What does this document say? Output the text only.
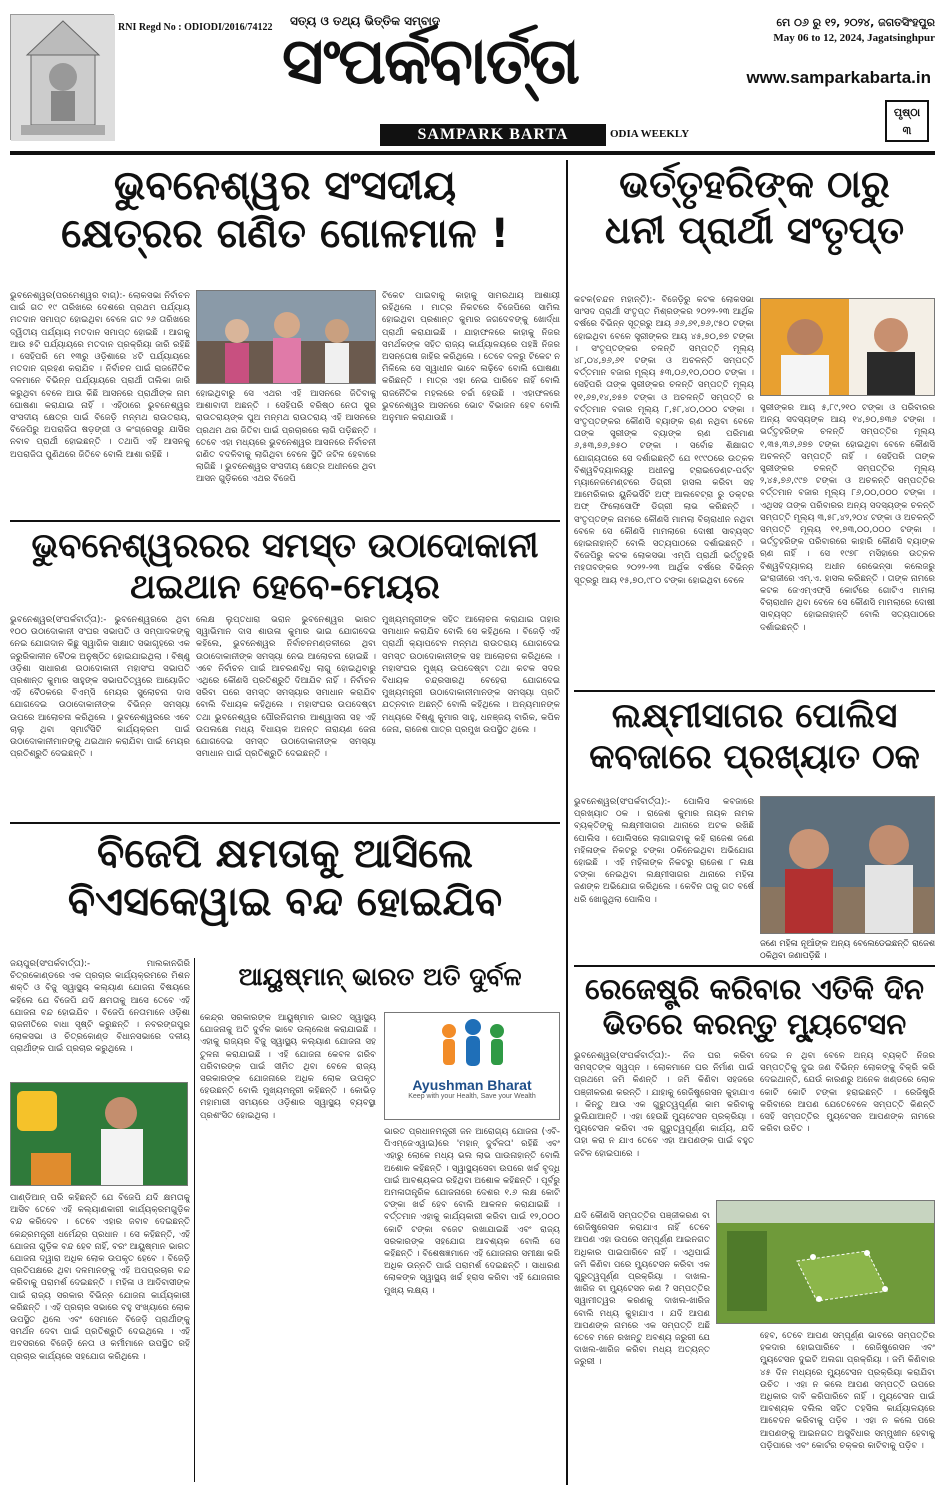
RNI Regd No : ODIODI/2016/74122 ସତ୍ୟ ଓ ତଥ୍ୟ ଭିତ୍ତିକ ସମ୍ବାଦ	ମେ ୦୬ ରୁ ୧୨, ୨୦୨୪, ଜଗତସିଂହପୁର
May 06 to 12, 2024, Jagatsinghpur
ସଂପର୍କବାର୍ତ୍ତା
SAMPARK BARTA	ODIA WEEKLY
www.samparkabarta.in
ପୃଷ୍ଠା
୩
ଭୁବନେଶ୍ୱର ସଂସଦୀୟ
କ୍ଷେତ୍ରର ଗଣିତ ଗୋଳମାଳ !
ଭୁବନେଶ୍ୱର(ପରମେଶ୍ୱର ବାଗ୍):- ଲୋକସଭା ନିର୍ବାଚନ ପାଇଁ ଗତ ୧୯ ତାରିଖରେ ଦେଶରେ ପ୍ରଥମ ପର୍ଯ୍ୟାୟ ମତଦାନ ସମାପ୍ତ ହୋଇଥିବା ବେଳେ ଗତ ୨୬ ତାରିଖରେ ଦ୍ୱିତୀୟ ପର୍ଯ୍ୟାୟ ମତଦାନ ସମାପ୍ତ ହୋଇଛି । ଆଗକୁ ଆଉ ୫ଟି ପର୍ଯ୍ୟାୟରେ ମତଦାନ ପ୍ରକ୍ରିୟା ଜାରି ରହିଛି । ସେହିପରି ମେ ୧୩ରୁ ଓଡ଼ିଶାରେ ୪ଟି ପର୍ଯ୍ୟାୟରେ ମତଦାନ ଗ୍ରହଣ କରାଯିବ । ନିର୍ବାଚନ ପାଇଁ ରାଜନୈତିକ ଦଳମାନେ ବିଭିନ୍ନ ପର୍ଯ୍ୟାୟରେ ପ୍ରାର୍ଥୀ ତାଲିକା ଜାରି କରୁଥିବା ବେଳେ ଆଉ କିଛି ଆସନରେ ପ୍ରାର୍ଥୀଙ୍କ ନାମ ଘୋଷଣା କରାଯାଇ ନାହିଁ । ଏହିଠାରେ ଭୁବନେଶ୍ୱର ସଂସଦୀୟ କ୍ଷେତ୍ର ପାଇଁ ବିଜେଡ଼ି ମନ୍ମଥ ରାଉତରାୟ, ବିଜେପିରୁ ଅପରାଜିତା ଷଡ଼ଙ୍ଗୀ ଓ କଂଗ୍ରେସରୁ ଯାସିର ନବାବ ପ୍ରାର୍ଥୀ ହୋଇଛନ୍ତି । ତଥାପି ଏହି ଆସନକୁ ଅପରାଜିତା ପୁଣିଥରେ ଜିତିବେ ବୋଲି ଆଶା ରହିଛି ।
ହୋଇଥିବାରୁ ସେ ଏଥର ଏହି ଆସନରେ ଜିତିବାକୁ ଆଶାବାଦୀ ଅଛନ୍ତି । ସେହିପରି ବରିଷ୍ଠ ନେତା ସୁର ରାଉତରାୟଙ୍କ ପୁଅ ମନ୍ମଥ ରାଉତରାୟ ଏହି ଆସନରେ ପ୍ରଥମ ଥର ଜିତିବା ପାଇଁ ପ୍ରଚାରରେ ଲାଗି ପଡ଼ିଛନ୍ତି । ତେବେ ଏହା ମଧ୍ୟରେ ଭୁବନେଶ୍ୱର ଆସନରେ ନିର୍ବାଚନୀ ଗଣିତ ବଦଳିବାକୁ ଲାଗିଥିବା ବେଳେ ସ୍ଥିତି ଜଟିଳ ହେବାରେ ଲାଗିଛି । ଭୁବନେଶ୍ୱର ସଂସଦୀୟ କ୍ଷେତ୍ର ଅଧୀନରେ ଥିବା ଆସନ ଗୁଡ଼ିକରେ ଏଥର ବିଜେପି
ଟିକେଟ ପାଇବାକୁ କାହାକୁ ସାମରଥାୟ ଆଶାୟୀ ରହିଥିଲେ । ମାତ୍ର ନିକଟରେ ବିଜେପିରେ ସାମିଲ ହୋଇଥିବା ପ୍ରଶାନ୍ତ କୁମାର ଜଗଦେବଙ୍କୁ ଖୋର୍ଦ୍ଧା ପ୍ରାର୍ଥୀ କରାଯାଇଛି । ଯାହାଫଳରେ କାହାକୁ ନିଜର ସମର୍ଥକଙ୍କ ସହିତ ରାଜ୍ୟ କାର୍ଯ୍ୟାଳୟରେ ପହଞ୍ଚି ନିଜର ଅସନ୍ତୋଷ ଜାହିର କରିଥିଲେ । ତେବେ ଦଳରୁ ଟିକେଟ ନ ମିଳିଲେ ସେ ସ୍ୱାଧୀନ ଭାବେ ଲଢ଼ିବେ ବୋଲି ଘୋଷଣା କରିଛନ୍ତି । ମାତ୍ର ଏହା ନେଇ ପାରିବେ ନାହିଁ ବୋଲି ରାଜନୈତିକ ମହଲରେ ଚର୍ଚ୍ଚା ହେଉଛି । ଏହାଫଳରେ ଭୁବନେଶ୍ୱର ଆସନରେ ଭୋଟ ବିଭାଜନ ହେବ ବୋଲି ଅନୁମାନ କରାଯାଉଛି ।
ଭର୍ତ୍ତୃହରିଙ୍କ ଠାରୁ
ଧନୀ ପ୍ରାର୍ଥୀ ସଂତୃପ୍ତ
କଟକ(ଚନ୍ଦନ ମହାନ୍ତି):- ବିଜେଡ଼ିରୁ କଟକ ଲୋକସଭା ସାଂସଦ ପ୍ରାର୍ଥୀ ସଂତୃପ୍ତ ମିଶ୍ରଙ୍କର ୨୦୨୨-୨୩ ଆର୍ଥିକ ବର୍ଷରେ ବିଭିନ୍ନ ସୂତ୍ରରୁ ଆୟ ୬୬,୬୧,୭୬,୯୫୦ ଟଙ୍କା ହୋଇଥିବା ବେଳେ ସ୍ତ୍ରୀଙ୍କର ଆୟ ୪୫,୭୦,୭୭ ଟଙ୍କା । ସଂତୃପ୍ତଙ୍କର ଚଳନ୍ତି ସମ୍ପତ୍ତି ମୂଲ୍ୟ ୪୮,୦୪,୭୬,୬୧ ଟଙ୍କା ଓ ଅଚଳନ୍ତି ସମ୍ପତ୍ତି ବର୍ତ୍ତମାନ ବଜାର ମୂଲ୍ୟ ୫୩,୦୬,୧୦,୦୦୦ ଟଙ୍କା । ସେହିପରି ତାଙ୍କ ସ୍ତ୍ରୀଙ୍କର ଚଳନ୍ତି ସମ୍ପତ୍ତି ମୂଲ୍ୟ ୧୧,୬୭,୧୪,୭୫୭ ଟଙ୍କା ଓ ଅଚଳନ୍ତି ସମ୍ପତ୍ତି ର ବର୍ତ୍ତମାନ ବଜାର ମୂଲ୍ୟ ୮,୫୮,୪୦,୦୦୦ ଟଙ୍କା । ସଂତୃପ୍ତଙ୍କର କୌଣସି ବ୍ୟାଙ୍କ ଋଣ ନଥିବା ବେଳେ ତାଙ୍କ ସ୍ତ୍ରୀଙ୍କ ବ୍ୟାଙ୍କ ଋଣ ପରିମାଣ ୬,୫୩,୭୬,୭୫୦ ଟଙ୍କା । ସର୍ବୋଚ୍ଚ ଶିକ୍ଷାଗତ ଯୋଗ୍ୟତାରେ ସେ ଦର୍ଶାଇଛନ୍ତି ଯେ ୧୯୯୦ରେ ଉତ୍କଳ ବିଶ୍ୱବିଦ୍ୟାଳୟରୁ ଅଧୀନସ୍ଥ ଟ୍ରାଇଡେଣ୍ଟ-ପର୍ଟ୍ଟ ମ୍ୟାନେଜମେଣ୍ଟରେ ଡିଗ୍ରୀ ହାସଲ କରିବା ସହ ଆମେରିକାର ୟୁନିଭର୍ସିଟି ଅଫ୍ ଆଲବେଟ୍ରା ରୁ ଡକ୍ଟର ଅଫ୍ ଫିଲୋସୋଫି ଡିଗ୍ରୀ ଲାଭ କରିଛନ୍ତି । ସଂତୃପ୍ତଙ୍କ ନାମରେ କୌଣସି ମାମଲା ବିଚାରାଧୀନ ନଥିବା ବେଳେ ସେ କୌଣସି ମାମଲାରେ ଦୋଷୀ ସାବ୍ୟସ୍ତ ହୋଇନାହାନ୍ତି ବୋଲି ସତ୍ୟପାଠରେ ଦର୍ଶାଇଛନ୍ତି । ବିଜେପିରୁ କଟକ ଲୋକସଭା ଏମ୍‌ପି ପ୍ରାର୍ଥୀ ଭର୍ତ୍ତୃହରି ମହତାବଙ୍କର ୨୦୨୨-୨୩ ଆର୍ଥିକ ବର୍ଷରେ ବିଭିନ୍ନ ସୂତ୍ରରୁ ଆୟ ୧୫,୭୦,୯୮୦ ଟଙ୍କା ହୋଇଥିବା ବେଳେ
ସ୍ତ୍ରୀଙ୍କର ଆୟ ୫,୮୯,୨୧୦ ଟଙ୍କା ଓ ପରିବାରର ଅନ୍ୟ ସଦସ୍ୟଙ୍କ ଆୟ ୧୪,୭୦,୭୩୬ ଟଙ୍କା । ଭର୍ତ୍ତୃହରିଙ୍କ ଚଳନ୍ତି ସମ୍ପତ୍ତିର ମୂଲ୍ୟ ୧,୩୫,୩୬,୬୭୭ ଟଙ୍କା ହୋଇଥିବା ବେଳେ କୌଣସି ଅଚଳନ୍ତି ସମ୍ପତ୍ତି ନାହିଁ । ସେହିପରି ତାଙ୍କ ସ୍ତ୍ରୀଙ୍କର ଚଳନ୍ତି ସମ୍ପତ୍ତିର ମୂଲ୍ୟ ୨,୪୫,୭୬,୯୯୭ ଟଙ୍କା ଓ ଅଚଳନ୍ତି ସମ୍ପତ୍ତିର ବର୍ତ୍ତମାନ ବଜାର ମୂଲ୍ୟ ୮୬,୦୦,୦୦୦ ଟଙ୍କା । ଏଥିସହ ତାଙ୍କ ପରିବାରର ଅନ୍ୟ ସଦସ୍ୟଙ୍କ ଚଳନ୍ତି ସମ୍ପତ୍ତି ମୂଲ୍ୟ ୩,୫୮,୪୨,୨୦୪ ଟଙ୍କା ଓ ଅଚଳନ୍ତି ସମ୍ପତ୍ତି ମୂଲ୍ୟ ୧୧,୭୩,୦୦,୦୦୦ ଟଙ୍କା । ଭର୍ତ୍ତୃହରିଙ୍କ ପରିବାରରେ କାହାରି କୌଣସି ବ୍ୟାଙ୍କ ଋଣ ନାହିଁ । ସେ ୧୯୭୮ ମସିହାରେ ଉତ୍କଳ ବିଶ୍ୱବିଦ୍ୟାଳୟ ଅଧୀନ ରେଭେନ୍ସା କଲେଜରୁ ଇଂରାଜୀରେ ଏମ୍.ଏ. ହାସଲ କରିଛନ୍ତି । ତାଙ୍କ ନାମରେ କଟକ ଜେଏମ୍‌ଏଫ୍‌ସି କୋର୍ଟରେ ଗୋଟିଏ ମାମଲା ବିଚାରାଧୀନ ଥିବା ବେଳେ ସେ କୌଣସି ମାମଲାରେ ଦୋଷୀ ସାବ୍ୟସ୍ତ ହୋଇନାହାନ୍ତି ବୋଲି ସତ୍ୟପାଠରେ ଦର୍ଶାଇଛନ୍ତି ।
ଭୁବନେଶ୍ୱରରର ସମସ୍ତ ଉଠାଦୋକାନୀ
ଥଇଥାନ ହେବେ-ମେୟର
ଭୁବନେଶ୍ୱର(ସଂପର୍କବାର୍ତ୍ତା):- ଭୁବନେଶ୍ୱରରେ ଥିବା ୧୦୦ ଉଠାଦୋକାନୀ ସଂଘର ସଭାପତି ଓ ସମ୍ପାଦକଙ୍କୁ ନେଇ ଯୋଗଦାନ କିଛୁ ସ୍ୱାଗିକ ସାକ୍ଷାତ ସଭାଗୃହରେ ଏକ ଜରୁରିକାଳୀନ ବୈଠକ ଅନୁଷ୍ଠିତ ହୋଇଯାଇଥିଲା । ବିଷ୍ଣୁ ଓଡ଼ିଶା ସାଧାରଣ ଉଠାଦୋକାନୀ ମହାସଂଘ ସଭାପତି ପ୍ରଶାନ୍ତ କୁମାର ସାହୁଙ୍କ ସଭାପତିତ୍ୱରେ ଆୟୋଜିତ ଏହି ବୈଠକରେ ବିଏମ୍‌ସି ମେୟର ସୁଲୋଚନା ଦାସ ଯୋଗଦେଇ ଉଠାଦୋକାନୀଙ୍କ ବିଭିନ୍ନ ସମସ୍ୟା ଉପରେ ଆଲୋଚନା କରିଥିଲେ । ଭୁବନେଶ୍ୱରରେ ଏବେ ଚାଲୁ ଥିବା ସ୍ମାର୍ଟସିଟି କାର୍ଯ୍ୟକ୍ରମ ପାଇଁ ଉଠାଦୋକାନୀମାନଙ୍କୁ ଥଇଥାନ କରାଯିବା ପାଇଁ ମେୟର ପ୍ରତିଶ୍ରୁତି ଦେଇଛନ୍ତି ।
ଲେକ୍ଷ ଲୁପ୍ତଧାରା ଭରାନ ଭୁବନେଶ୍ୱର ଭାରତ ସ୍ୱାଭିମାନ ଦାସ ଶାଉଳା କୁମାର ଭାଇ ଯୋଗଦେଇ କହିଲେ, ଭୁବନେଶ୍ୱର ନିର୍ବାଚନମଣ୍ଡଳୀରେ ଥିବା ଉଠାଦୋକାନୀଙ୍କ ସମସ୍ୟା ନେଇ ଆଲୋଚନା ହୋଇଛି । ଏବେ ନିର୍ବାଚନ ପାଇଁ ଆଚରଣବିଧି ଲାଗୁ ହୋଇଥିବାରୁ ଏଥିରେ କୌଣସି ପ୍ରତିଶ୍ରୁତି ଦିଆଯିବ ନାହିଁ । ନିର୍ବାଚନ ସରିବା ପରେ ସମସ୍ତ ସମସ୍ୟାର ସମାଧାନ କରାଯିବ ବୋଲି ବିଧାୟକ କହିଥିଲେ । ମହାସଂଘର ଉପଦେଷ୍ଟା ତଥା ଭୁବନେଶ୍ୱର ପୌରନିଗମର ଆଶ୍ୱାସନା ସହ ଏହି ଉପଲକ୍ଷେ ମଧ୍ୟ ବିଧାୟକ ଅନନ୍ତ ନାରାୟଣ ଜେନା ଯୋଗଦେଇ ସମସ୍ତ ଉଠାଦୋକାନୀଙ୍କ ସମସ୍ୟା ସମାଧାନ ପାଇଁ ପ୍ରତିଶ୍ରୁତି ଦେଇଛନ୍ତି ।
ମୁଖ୍ୟମନ୍ତ୍ରୀଙ୍କ ସହିତ ଆଲୋଚନା କରାଯାଇ ତାହାର ସମାଧାନ କରାଯିବ ବୋଲି ସେ କହିଥିଲେ । ବିଜେଡ଼ି ଏହି ପ୍ରାର୍ଥୀ କ୍ୟାପଟେନ ମନ୍ମଥ ରାଉତରାୟ ଯୋଗଦେଇ ସମସ୍ତ ଉଠାଦୋକାନୀଙ୍କ ସହ ଆଲୋଚନା କରିଥିଲେ । ମହାସଂଘର ମୁଖ୍ୟ ଉପଦେଷ୍ଟା ତଥା କଟକ ସଦର ବିଧାୟକ ଚନ୍ଦ୍ରସାରଥି ବେହେରା ଯୋଗଦେଇ ମୁଖ୍ୟମନ୍ତ୍ରୀ ଉଠାଦୋକାନୀମାନଙ୍କ ସମସ୍ୟା ପ୍ରତି ଯତ୍ନବାନ ଅଛନ୍ତି ବୋଲି କହିଥିଲେ । ଅନ୍ୟମାନଙ୍କ ମଧ୍ୟରେ ବିଷ୍ଣୁ କୁମାର ସାହୁ, ଧନଞ୍ଜୟ ବାରିକ, କପିଳ ଜେନା, ରାଜେଶ ପାତ୍ର ପ୍ରମୁଖ ଉପସ୍ଥିତ ଥିଲେ ।	ଲକ୍ଷ୍ମୀସାଗର ପୋଲିସ
କବଜାରେ ପ୍ରଖ୍ୟାତ ଠକ
ଭୁବନେଶ୍ୱର(ସଂପର୍କବାର୍ତ୍ତା):- ପୋଲିସ କବଜାରେ ପ୍ରଖ୍ୟାତ ଠକ । ରାଜେଶ କୁମାର ନାୟକ ନାମକ ବ୍ୟକ୍ତିଙ୍କୁ ଲକ୍ଷ୍ମୀସାଗର ଥାନାରେ ଅଟକ ରଖିଛି ପୋଲିସ । ପୋଲିସରେ ଲାଗାଇବାକୁ କହି ରାଜେଶ ଜଣେ ମହିଳାଙ୍କ ନିକଟରୁ ଟଙ୍କା ଠକିନେଇଥିବା ଅଭିଯୋଗ ହୋଇଛି । ଏହି ମହିଳାଙ୍କ ନିକଟରୁ ରାଜେଶ ୮ ଲକ୍ଷ ଟଙ୍କା ନେଇଥିବା ଲକ୍ଷ୍ମୀସାଗର ଥାନାରେ ମହିଳା ଜଣଙ୍କ ଅଭିଯୋଗ କରିଥିଲେ । କେବିନ ତାକୁ ଗତ ବର୍ଷେ ଧରି ଖୋଜୁଥିଲା ପୋଲିସ ।
ଜଣେ ମହିଳା ନୂଆଁଙ୍କ ଅନ୍ୟ ବେଲେଡେଇଛନ୍ତି ରାଜେଶ ଠକିଥିବା ଜଣାପଡ଼ିଛି ।
ବିଜେପି କ୍ଷମତାକୁ ଆସିଲେ
ବିଏସକେୱାଇ ବନ୍ଦ ହୋଇଯିବ
ଜୟପୁର(ସଂପର୍କବାର୍ତ୍ତା):- ମାଲକାନଗିରି ଚିତ୍ରକୋଣ୍ଡରେ ଏକ ପ୍ରଚାର କାର୍ଯ୍ୟକ୍ରମରେ ମିଶନ ଶକ୍ତି ଓ ବିଜୁ ସ୍ୱାସ୍ଥ୍ୟ କଲ୍ୟାଣ ଯୋଜନା ବିଷୟରେ କହିଲେ ଯେ ବିଜେପି ଯଦି କ୍ଷମତାକୁ ଆସେ ତେବେ ଏହି ଯୋଜନା ବନ୍ଦ ହୋଇଯିବ । ବିଜେପି ନେତାମାନେ ଓଡ଼ିଶା ରାଜନୀତିରେ ବାଧା ସୃଷ୍ଟି କରୁଛନ୍ତି । ନବରଙ୍ଗପୁର ଲୋକସଭା ଓ ଚିତ୍ରକୋଣ୍ଡ ବିଧାନସଭାରେ ଦଳୀୟ ପ୍ରାର୍ଥୀଙ୍କ ପାଇଁ ପ୍ରଚାର କରୁଥିଲେ ।
ପାଣ୍ଡିଆନ୍ ପରି କହିଛନ୍ତି ଯେ ବିଜେପି ଯଦି କ୍ଷମତାକୁ ଆସିବ ତେବେ ଏହି କଲ୍ୟାଣକାରୀ କାର୍ଯ୍ୟକ୍ରମଗୁଡ଼ିକ ବନ୍ଦ କରିଦେବ । ତେବେ ଏହାର ଜବାବ ଦେଇଛନ୍ତି କେନ୍ଦ୍ରମନ୍ତ୍ରୀ ଧର୍ମେନ୍ଦ୍ର ପ୍ରଧାନ । ସେ କହିଛନ୍ତି, ଏହି ଯୋଜନା ଗୁଡ଼ିକ ବନ୍ଦ ହେବ ନାହିଁ, ବରଂ ଆୟୁଷ୍ମାନ ଭାରତ ଯୋଜନା ଦ୍ୱାରା ଅଧିକ ଲୋକ ଉପକୃତ ହେବେ । ବିଜେଡ଼ି ପ୍ରତିପକ୍ଷରେ ଥିବା ଦଳମାନଙ୍କୁ ଏହି ଅପପ୍ରଚାର ବନ୍ଦ କରିବାକୁ ପରାମର୍ଶ ଦେଇଛନ୍ତି । ମହିଳା ଓ ଆଦିବାସୀଙ୍କ ପାଇଁ ରାଜ୍ୟ ସରକାର ବିଭିନ୍ନ ଯୋଜନା କାର୍ଯ୍ୟକାରୀ କରିଛନ୍ତି । ଏହି ପ୍ରଚାର ସଭାରେ ବହୁ ସଂଖ୍ୟାରେ ଲୋକ ଉପସ୍ଥିତ ଥିଲେ ଏବଂ ସେମାନେ ବିଜେଡ଼ି ପ୍ରାର୍ଥୀଙ୍କୁ ସମର୍ଥନ ଦେବା ପାଇଁ ପ୍ରତିଶ୍ରୁତି ଦେଇଥିଲେ । ଏହି ଅବସରରେ ବିଜେଡ଼ି ନେତା ଓ କର୍ମୀମାନେ ଉପସ୍ଥିତ ରହି ପ୍ରଚାର କାର୍ଯ୍ୟରେ ସହଯୋଗ କରିଥିଲେ ।
ଆୟୁଷ୍ମାନ୍ ଭାରତ ଅତି ଦୁର୍ବଳ
କେନ୍ଦ୍ର ସରକାରଙ୍କ ଆୟୁଷ୍ମାନ ଭାରତ ସ୍ୱାସ୍ଥ୍ୟ ଯୋଜନାକୁ ଅତି ଦୁର୍ବଳ ଭାବେ ଉଲ୍ଲେଖ କରାଯାଇଛି । ଏହାକୁ ରାଜ୍ୟର ବିଜୁ ସ୍ୱାସ୍ଥ୍ୟ କଲ୍ୟାଣ ଯୋଜନା ସହ ତୁଳନା କରାଯାଇଛି । ଏହି ଯୋଜନା କେବଳ ଗରିବ ପରିବାରଙ୍କ ପାଇଁ ସୀମିତ ଥିବା ବେଳେ ରାଜ୍ୟ ସରକାରଙ୍କ ଯୋଜନାରେ ଅଧିକ ଲୋକ ଉପକୃତ ହେଉଛନ୍ତି ବୋଲି ମୁଖ୍ୟମନ୍ତ୍ରୀ କହିଛନ୍ତି । କୋଭିଡ଼ ମହାମାରୀ ସମୟରେ ଓଡ଼ିଶାର ସ୍ୱାସ୍ଥ୍ୟ ବ୍ୟବସ୍ଥା ପ୍ରଶଂସିତ ହୋଇଥିଲା ।
Ayushman Bharat
Keep with your Health, Save your Wealth
ଭାରତ ପ୍ରଧାନମନ୍ତ୍ରୀ ଜନ ଆରୋଗ୍ୟ ଯୋଜନା (ଏବି-ପିଏମ୍‌ଜେଏୱାଇ)ରେ 'ମହାନ୍ ଦୁର୍ବଳତା' ରହିଛି ଏବଂ ଏହାରୁ ଲୋକେ ମଧ୍ୟ ଭଲ ଲାଭ ପାଉନାହାନ୍ତି ବୋଲି ଅଶୋକ କହିଛନ୍ତି । ସ୍ୱାସ୍ଥ୍ୟସେବା ଉପରେ ଖର୍ଚ୍ଚ ବୃଦ୍ଧି ପାଇଁ ଆବଶ୍ୟକତା ରହିଥିବା ଅଶୋକ କହିଛନ୍ତି । ପୂର୍ବରୁ ଅମଳାତାନ୍ତ୍ରିକ ଯୋଜନାରେ ଦେଶର ୧.୬ ଲକ୍ଷ କୋଟି ଟଙ୍କା ଖର୍ଚ୍ଚ ହେବ ବୋଲି ଆକଳନ କରାଯାଇଛି । ବର୍ତ୍ତମାନ ଏହାକୁ କାର୍ଯ୍ୟକାରୀ କରିବା ପାଇଁ ୧୨,୦୦୦ କୋଟି ଟଙ୍କା ବଜେଟ ରଖାଯାଇଛି ଏବଂ ରାଜ୍ୟ ସରକାରଙ୍କ ସହଯୋଗ ଆବଶ୍ୟକ ବୋଲି ସେ କହିଛନ୍ତି । ବିଶେଷଜ୍ଞମାନେ ଏହି ଯୋଜନାର ସମୀକ୍ଷା କରି ଅଧିକ ଉନ୍ନତି ପାଇଁ ପରାମର୍ଶ ଦେଇଛନ୍ତି । ସାଧାରଣ ଲୋକଙ୍କ ସ୍ୱାସ୍ଥ୍ୟ ଖର୍ଚ୍ଚ ହ୍ରାସ କରିବା ଏହି ଯୋଜନାର ମୁଖ୍ୟ ଲକ୍ଷ୍ୟ ।
ରେଜେଷ୍ଟ୍ରି କରିବାର ଏତିକି ଦିନ
ଭିତରେ କରନ୍ତୁ ମ୍ୟୁଟେସନ
ଭୁବନେଶ୍ୱର(ସଂପର୍କବାର୍ତ୍ତା):- ନିଜ ଘର କରିବା ସମସ୍ତଙ୍କ ସ୍ୱପ୍ନ । ଲୋକମାନେ ଘର ନିର୍ମାଣ ପାଇଁ ପ୍ରଥମେ ଜମି କିଣନ୍ତି । ଜମି କିଣିବା ସହଜରେ ପଞ୍ଜୀକରଣ କରନ୍ତି । ଯାହାକୁ ରେଜିଷ୍ଟ୍ରେସନ କୁହାଯାଏ । କିନ୍ତୁ ଆଉ ଏକ ଗୁରୁତ୍ୱପୂର୍ଣ୍ଣ କାମ କରିବାକୁ ଭୁଲିଯାଆନ୍ତି । ଏହା ହେଉଛି ମ୍ୟୁଟେସନ ପ୍ରକ୍ରିୟା । ମ୍ୟୁଟେସନ କରିବା ଏକ ଗୁରୁତ୍ୱପୂର୍ଣ୍ଣ କାର୍ଯ୍ୟ, ଯଦି ତାହା କରା ନ ଯାଏ ତେବେ ଏହା ଆପଣଙ୍କ ପାଇଁ ବହୁତ ଜଟିଳ ହୋଇପାରେ ।
ଦେଇ ନ ଥିବା ବେଳେ ଅନ୍ୟ ବ୍ୟକ୍ତି ନିଜର ସମ୍ପତ୍ତିକୁ ଦୁଇ ଜଣ ବିଭିନ୍ନ ଲୋକଙ୍କୁ ବିକ୍ରି କରି ଦେଇଥାନ୍ତି, ଯେଉଁ କାରଣରୁ ଅନେକ ଖଣ୍ଡରେ ଲୋକ କୋଟି କୋଟି ଟଙ୍କା ହରାଇଛନ୍ତି । ରେଜିଷ୍ଟ୍ରି କରିବାରେ ଆପଣ ଯେତେବେଳେ ସମ୍ପତ୍ତି କିଣନ୍ତି ସେହି ସମ୍ପତ୍ତିର ମ୍ୟୁଟେସନ ଆପଣଙ୍କ ନାମରେ କରିବା ଉଚିତ ।
ଯଦି କୌଣସି ସମ୍ପତ୍ତିର ପଞ୍ଜୀକରଣ ବା ରେଜିଷ୍ଟ୍ରେସନ କରାଯାଏ ନାହିଁ ତେବେ ଆପଣ ଏହା ଉପରେ ସମ୍ପୂର୍ଣ୍ଣ ଆଇନଗତ ଅଧିକାର ପାଇପାରିବେ ନାହିଁ । ଏଥିପାଇଁ ଜମି କିଣିବା ପରେ ମ୍ୟୁଟେସନ କରିବା ଏକ ଗୁରୁତ୍ୱପୂର୍ଣ୍ଣ ପ୍ରକ୍ରିୟା । ଦାଖଲ-ଖାରିଜ ବା ମ୍ୟୁଟେସନ କଣ ? ସମ୍ପତ୍ତିର ସ୍ୱାମୀତ୍ୱର କରଣକୁ ଦାଖଲ-ଖାରିଜ ବୋଲି ମଧ୍ୟ କୁହାଯାଏ । ଯଦି ଆପଣ ଆପଣଙ୍କ ନାମରେ ଏକ ସମ୍ପତ୍ତି ଅଛି ତେବେ ମନେ ରଖନ୍ତୁ ଅବଶ୍ୟ ଜରୁରୀ ଯେ ଦାଖଲ-ଖାରିଜ କରିବା ମଧ୍ୟ ଅତ୍ୟନ୍ତ ଜରୁରୀ ।
ହେବ, ତେବେ ଆପଣ ସମ୍ପୂର୍ଣ୍ଣ ଭାବରେ ସମ୍ପତ୍ତିର ହକଦାର ହୋଇପାରିବେ । ରେଜିଷ୍ଟ୍ରେସନ ଏବଂ ମ୍ୟୁଟେସନ ଦୁଇଟି ଅଲଗା ପ୍ରକ୍ରିୟା । ଜମି କିଣିବାର ୪୫ ଦିନ ମଧ୍ୟରେ ମ୍ୟୁଟେସନ ପ୍ରକ୍ରିୟା କରାଯିବା ଉଚିତ । ଏହା ନ କଲେ ଆପଣ ସମ୍ପତ୍ତି ଉପରେ ଅଧିକାର ଦାବି କରିପାରିବେ ନାହିଁ । ମ୍ୟୁଟେସନ ପାଇଁ ଆବଶ୍ୟକ ଦଲିଲ ସହିତ ତହସିଲ କାର୍ଯ୍ୟାଳୟରେ ଆବେଦନ କରିବାକୁ ପଡ଼ିବ । ଏହା ନ କଲେ ପରେ ଆପଣଙ୍କୁ ଆଇନଗତ ଅସୁବିଧାର ସମ୍ମୁଖୀନ ହେବାକୁ ପଡ଼ିପାରେ ଏବଂ କୋର୍ଟର ଚକ୍କର କାଟିବାକୁ ପଡ଼ିବ ।
